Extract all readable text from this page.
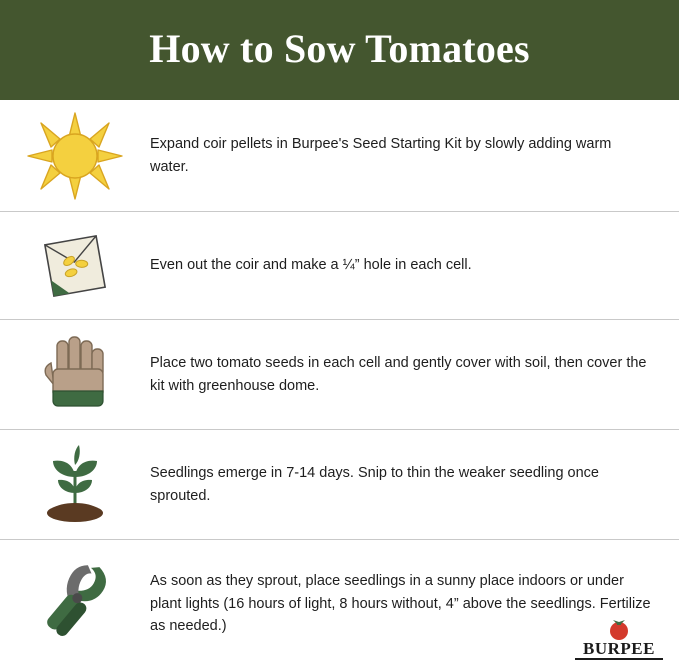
How to Sow Tomatoes
Expand coir pellets in Burpee's Seed Starting Kit by slowly adding warm water.
Even out the coir and make a ¼” hole in each cell.
Place two tomato seeds in each cell and gently cover with soil, then cover the kit with greenhouse dome.
Seedlings emerge in 7-14 days. Snip to thin the weaker seedling once sprouted.
As soon as they sprout, place seedlings in a sunny place indoors or under plant lights (16 hours of light, 8 hours without, 4” above the seedlings. Fertilize as needed.)
BURPEE
